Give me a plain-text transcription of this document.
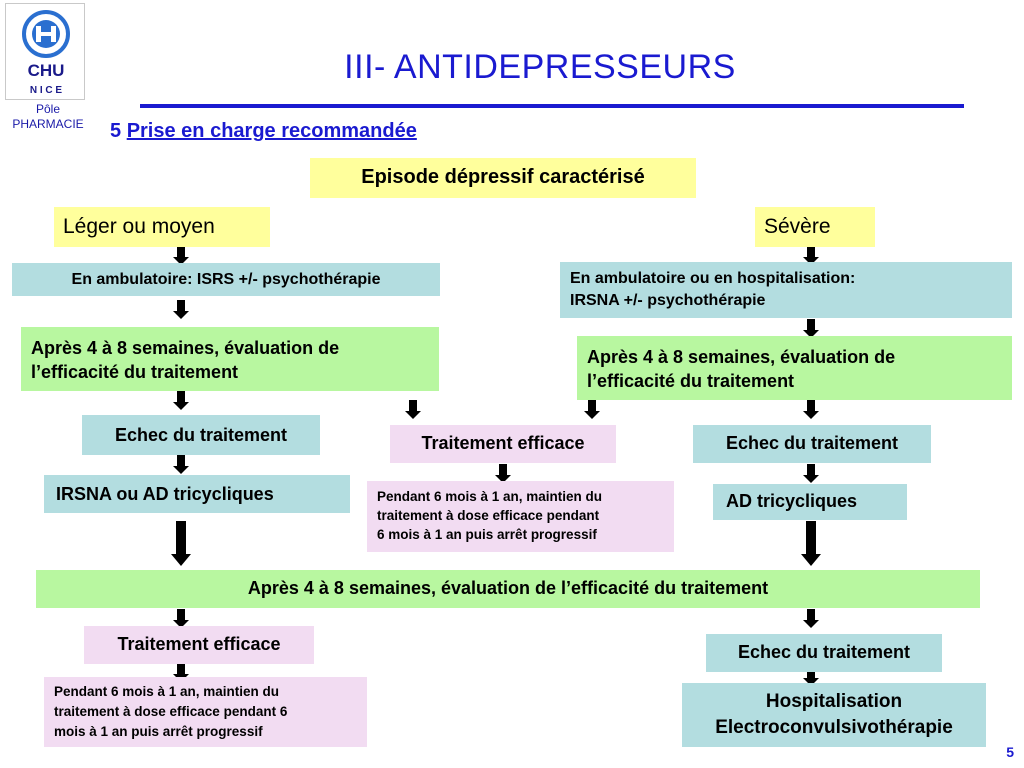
CHU
N I C E
Pôle
PHARMACIE
III- ANTIDEPRESSEURS
5 Prise en charge recommandée
Episode dépressif caractérisé
Léger ou moyen	Sévère
En ambulatoire: ISRS +/- psychothérapie	En ambulatoire ou en hospitalisation:
IRSNA +/- psychothérapie
Après 4 à 8 semaines, évaluation de
l’efficacité du traitement
Après 4 à 8 semaines, évaluation de
l’efficacité du traitement
Echec du traitement	Traitement efficace	Echec du traitement
IRSNA ou AD tricycliques	Pendant 6 mois à 1 an, maintien du
traitement à dose efficace pendant
6 mois à 1 an puis arrêt progressif
AD tricycliques
Après 4 à 8 semaines, évaluation de l’efficacité du traitement
Traitement efficace	Echec du traitement
Pendant 6 mois à 1 an, maintien du
traitement à dose efficace pendant 6
mois à 1 an puis arrêt progressif
Hospitalisation
Electroconvulsivothérapie
5
